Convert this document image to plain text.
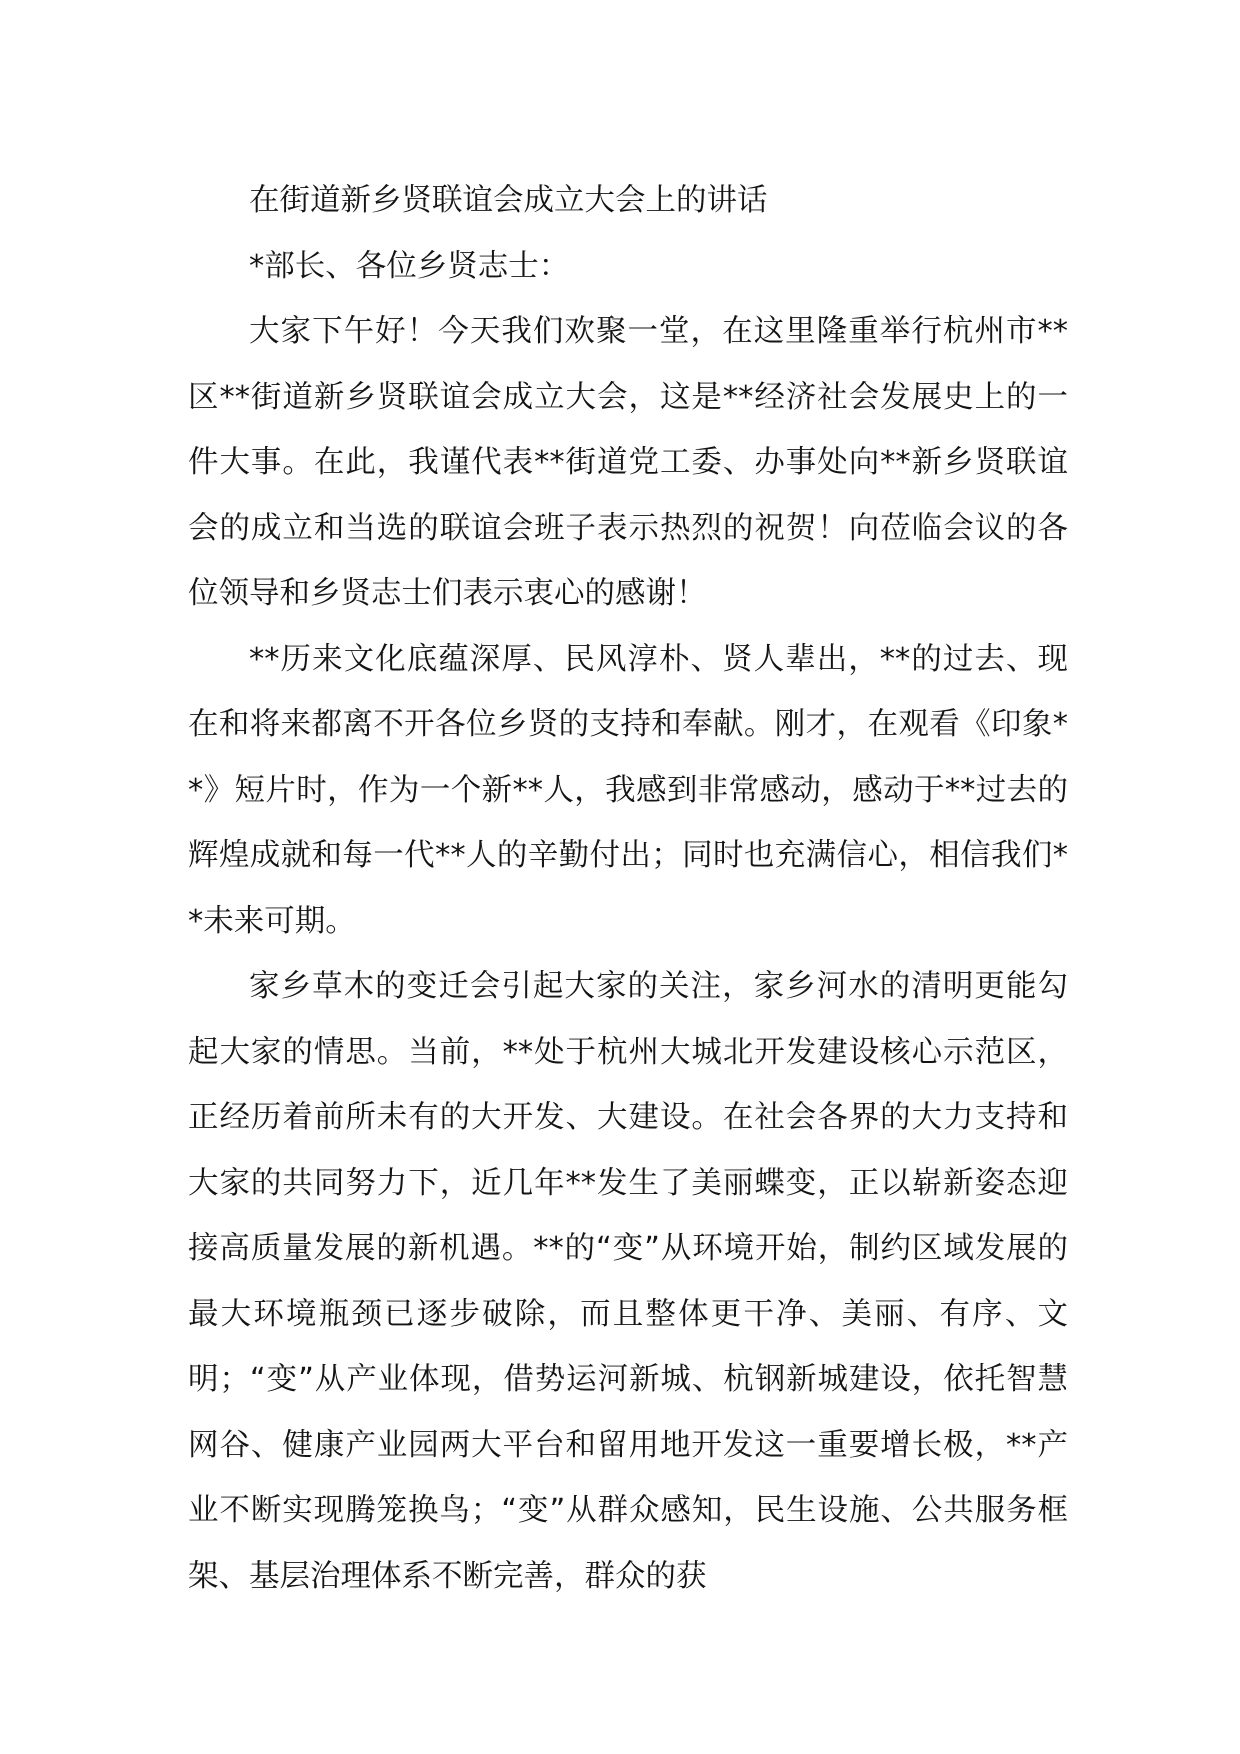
在街道新乡贤联谊会成立大会上的讲话

*部长、各位乡贤志士：

大家下午好！今天我们欢聚一堂，在这里隆重举行杭州市**区**街道新乡贤联谊会成立大会，这是**经济社会发展史上的一件大事。在此，我谨代表**街道党工委、办事处向**新乡贤联谊会的成立和当选的联谊会班子表示热烈的祝贺！向莅临会议的各位领导和乡贤志士们表示衷心的感谢！

**历来文化底蕴深厚、民风淳朴、贤人辈出，**的过去、现在和将来都离不开各位乡贤的支持和奉献。刚才，在观看《印象**》短片时，作为一个新**人，我感到非常感动，感动于**过去的辉煌成就和每一代**人的辛勤付出；同时也充满信心，相信我们**未来可期。

家乡草木的变迁会引起大家的关注，家乡河水的清明更能勾起大家的情思。当前，**处于杭州大城北开发建设核心示范区，正经历着前所未有的大开发、大建设。在社会各界的大力支持和大家的共同努力下，近几年**发生了美丽蝶变，正以崭新姿态迎接高质量发展的新机遇。**的“变”从环境开始，制约区域发展的最大环境瓶颈已逐步破除，而且整体更干净、美丽、有序、文明；“变”从产业体现，借势运河新城、杭钢新城建设，依托智慧网谷、健康产业园两大平台和留用地开发这一重要增长极，**产业不断实现腾笼换鸟；“变”从群众感知，民生设施、公共服务框架、基层治理体系不断完善，群众的获
